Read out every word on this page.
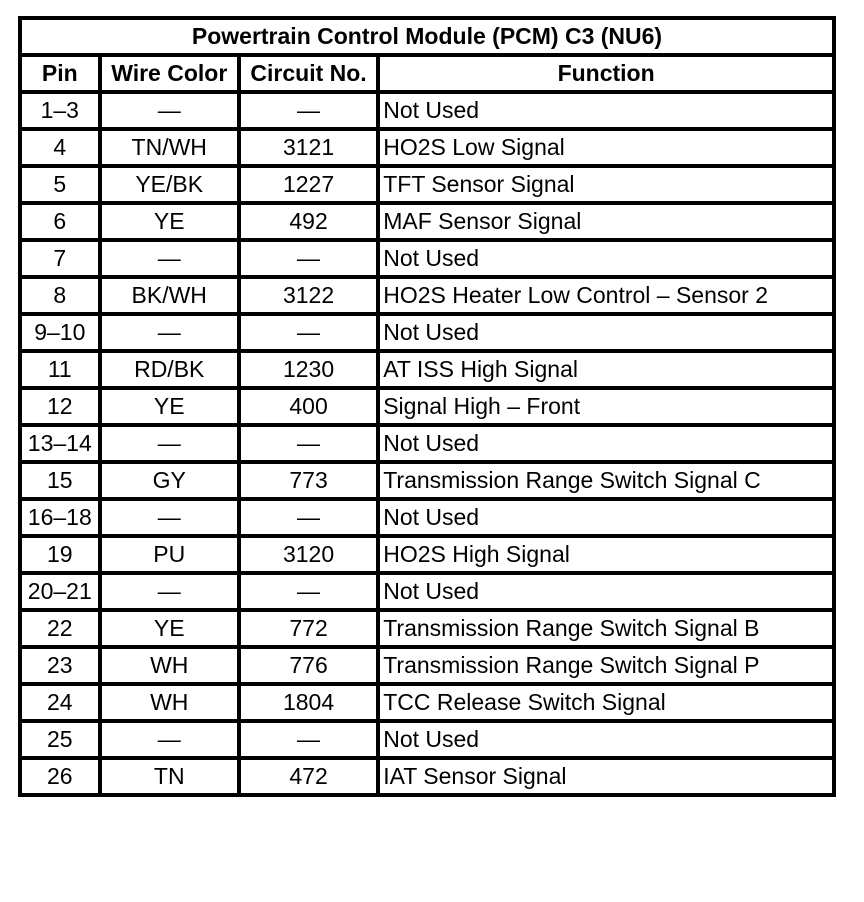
Powertrain Control Module (PCM) C3 (NU6)			
Pin	Wire Color	Circuit No.	Function
1–3	—	—	Not Used
4	TN/WH	3121	HO2S Low Signal
5	YE/BK	1227	TFT Sensor Signal
6	YE	492	MAF Sensor Signal
7	—	—	Not Used
8	BK/WH	3122	HO2S Heater Low Control – Sensor 2
9–10	—	—	Not Used
11	RD/BK	1230	AT ISS High Signal
12	YE	400	Signal High – Front
13–14	—	—	Not Used
15	GY	773	Transmission Range Switch Signal C
16–18	—	—	Not Used
19	PU	3120	HO2S High Signal
20–21	—	—	Not Used
22	YE	772	Transmission Range Switch Signal B
23	WH	776	Transmission Range Switch Signal P
24	WH	1804	TCC Release Switch Signal
25	—	—	Not Used
26	TN	472	IAT Sensor Signal
